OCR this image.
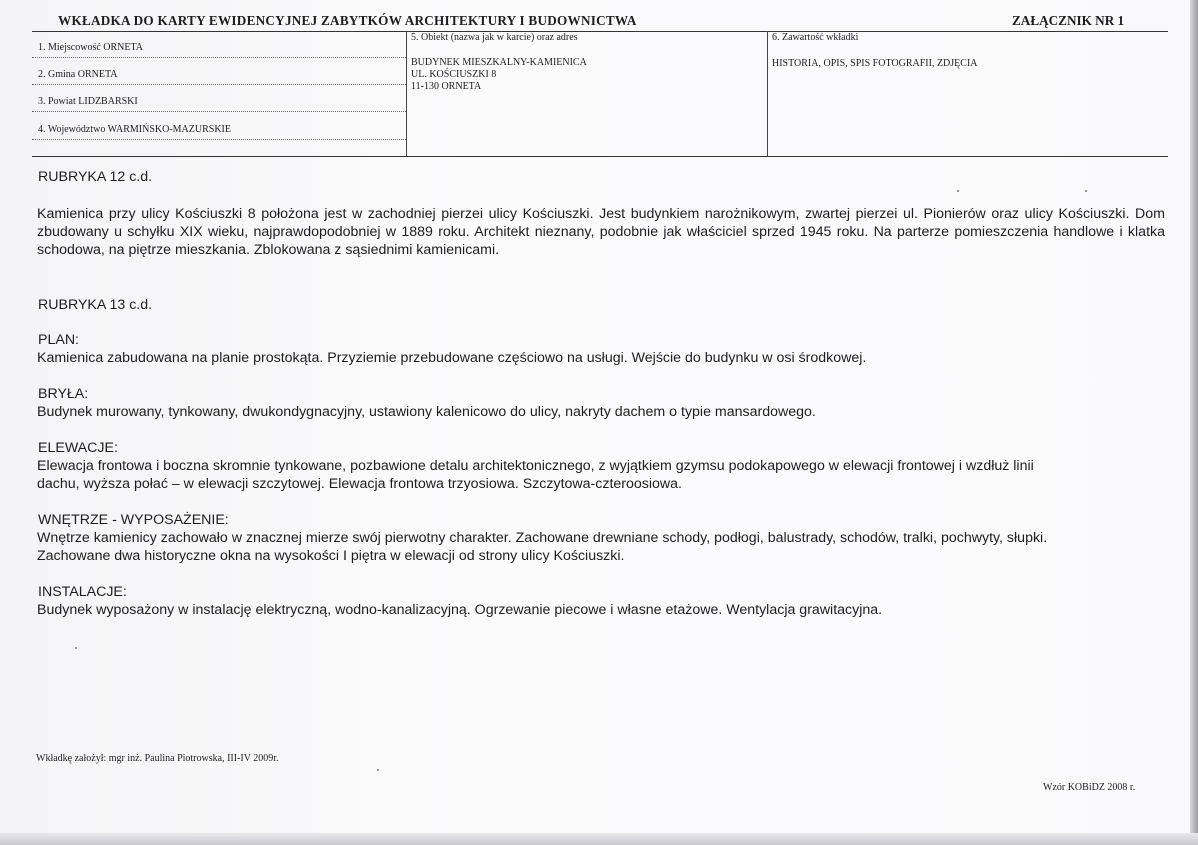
WKŁADKA DO KARTY EWIDENCYJNEJ ZABYTKÓW ARCHITEKTURY I BUDOWNICTWA	ZAŁĄCZNIK NR 1
1. Miejscowość ORNETA
2. Gmina ORNETA
3. Powiat LIDZBARSKI
4. Województwo WARMIŃSKO-MAZURSKIE
5. Obiekt (nazwa jak w karcie) oraz adres
BUDYNEK MIESZKALNY-KAMIENICA
UL. KOŚCIUSZKI 8
11-130 ORNETA
6. Zawartość wkładki
HISTORIA, OPIS, SPIS FOTOGRAFII, ZDJĘCIA
RUBRYKA 12 c.d.
Kamienica przy ulicy Kościuszki 8 położona jest w zachodniej pierzei ulicy Kościuszki. Jest budynkiem narożnikowym, zwartej pierzei ul. Pionierów oraz ulicy Kościuszki. Dom zbudowany u schyłku XIX wieku, najprawdopodobniej w 1889 roku. Architekt nieznany, podobnie jak właściciel sprzed 1945 roku. Na parterze pomieszczenia handlowe i klatka schodowa, na piętrze mieszkania. Zblokowana z sąsiednimi kamienicami.
RUBRYKA 13 c.d.
PLAN:
Kamienica zabudowana na planie prostokąta. Przyziemie przebudowane częściowo na usługi. Wejście do budynku w osi środkowej.
BRYŁA:
Budynek murowany, tynkowany, dwukondygnacyjny, ustawiony kalenicowo do ulicy, nakryty dachem o typie mansardowego.
ELEWACJE:
Elewacja frontowa i boczna skromnie tynkowane, pozbawione detalu architektonicznego, z wyjątkiem gzymsu podokapowego w elewacji frontowej i wzdłuż linii
dachu, wyższa połać – w elewacji szczytowej. Elewacja frontowa trzyosiowa. Szczytowa-czteroosiowa.
WNĘTRZE - WYPOSAŻENIE:
Wnętrze kamienicy zachowało w znacznej mierze swój pierwotny charakter. Zachowane drewniane schody, podłogi, balustrady, schodów, tralki, pochwyty, słupki.
Zachowane dwa historyczne okna na wysokości I piętra w elewacji od strony ulicy Kościuszki.
INSTALACJE:
Budynek wyposażony w instalację elektryczną, wodno-kanalizacyjną. Ogrzewanie piecowe i własne etażowe. Wentylacja grawitacyjna.
Wkładkę założył: mgr inż. Paulina Piotrowska, III-IV 2009r.
Wzór KOBiDZ 2008 r.
